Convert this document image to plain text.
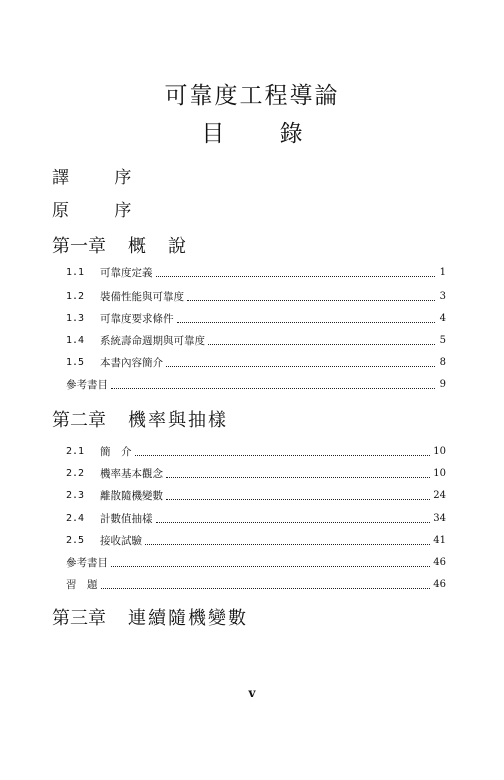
可靠度工程導論
目 錄
譯 序
原 序
第一章 概　說
1.1	可靠度定義	1
1.2	裝備性能與可靠度	3
1.3	可靠度要求條件	4
1.4	系統壽命週期與可靠度	5
1.5	本書內容簡介	8
參考書目	9
第二章 機率與抽樣
2.1	簡　介	10
2.2	機率基本觀念	10
2.3	離散隨機變數	24
2.4	計數值抽樣	34
2.5	接收試驗	41
參考書目	46
習　題	46
第三章 連續隨機變數
v
